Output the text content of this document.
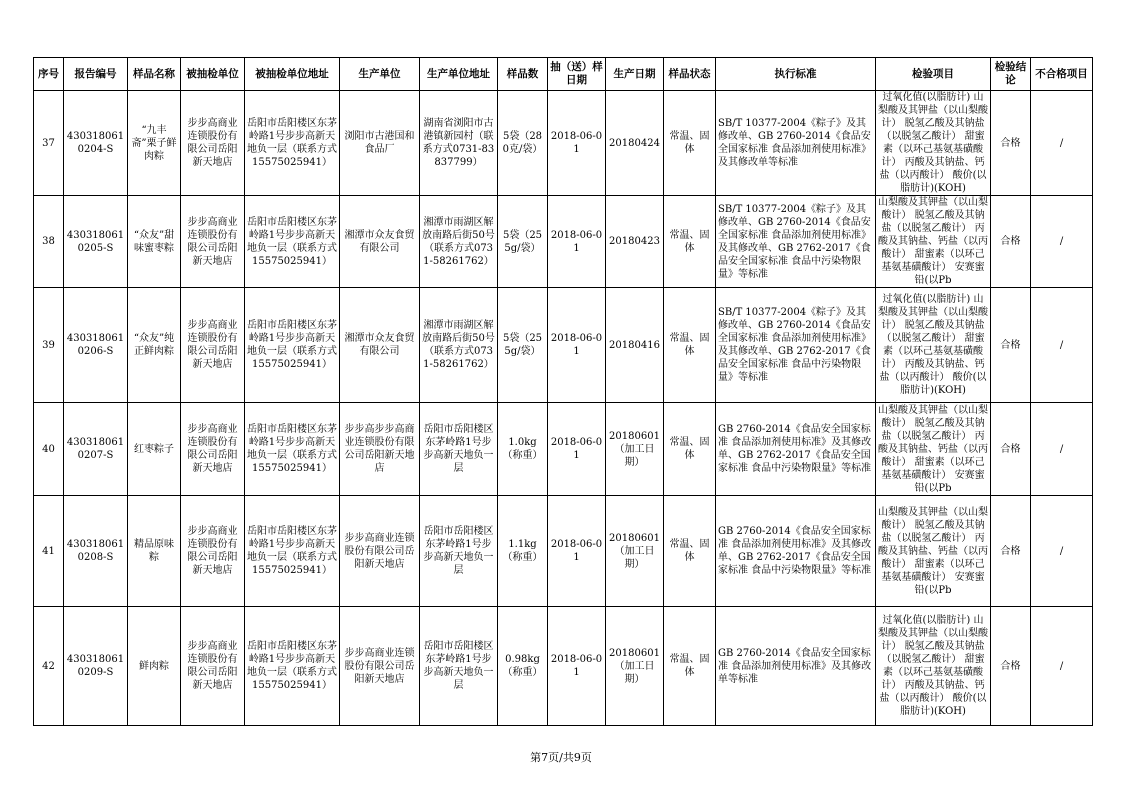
序号	报告编号	样品名称	被抽检单位	被抽检单位地址	生产单位	生产单位地址	样品数	抽（送）样日期	生产日期	样品状态	执行标准	检验项目	检验结论	不合格项目
37	4303180610204-S	“九丰斋”栗子鲜肉粽	步步高商业连锁股份有限公司岳阳新天地店	岳阳市岳阳楼区东茅岭路1号步步高新天地负一层（联系方式15575025941）	浏阳市古港国和食品厂	湖南省浏阳市古港镇新园村（联系方式0731-83837799）	5袋（280克/袋）	2018-06-01	20180424	常温、固体	SB/T 10377-2004《粽子》及其修改单、GB 2760-2014《食品安全国家标准 食品添加剂使用标准》及其修改单等标准	过氧化值(以脂肪计) 山梨酸及其钾盐（以山梨酸计） 脱氢乙酸及其钠盐（以脱氢乙酸计） 甜蜜素（以环己基氨基磺酸计） 丙酸及其钠盐、钙盐（以丙酸计） 酸价(以脂肪计)(KOH)	合格	/
38	4303180610205-S	“众友”甜味蜜枣粽	步步高商业连锁股份有限公司岳阳新天地店	岳阳市岳阳楼区东茅岭路1号步步高新天地负一层（联系方式15575025941）	湘潭市众友食贸有限公司	湘潭市雨湖区解放南路后街50号（联系方式0731-58261762）	5袋（255g/袋）	2018-06-01	20180423	常温、固体	SB/T 10377-2004《粽子》及其修改单、GB 2760-2014《食品安全国家标准 食品添加剂使用标准》及其修改单、GB 2762-2017《食品安全国家标准 食品中污染物限量》等标准	山梨酸及其钾盐（以山梨酸计） 脱氢乙酸及其钠盐（以脱氢乙酸计） 丙酸及其钠盐、钙盐（以丙酸计） 甜蜜素（以环己基氨基磺酸计） 安赛蜜 铅(以Pb	合格	/
39	4303180610206-S	“众友”纯正鲜肉粽	步步高商业连锁股份有限公司岳阳新天地店	岳阳市岳阳楼区东茅岭路1号步步高新天地负一层（联系方式15575025941）	湘潭市众友食贸有限公司	湘潭市雨湖区解放南路后街50号（联系方式0731-58261762）	5袋（255g/袋）	2018-06-01	20180416	常温、固体	SB/T 10377-2004《粽子》及其修改单、GB 2760-2014《食品安全国家标准 食品添加剂使用标准》及其修改单、GB 2762-2017《食品安全国家标准 食品中污染物限量》等标准	过氧化值(以脂肪计) 山梨酸及其钾盐（以山梨酸计） 脱氢乙酸及其钠盐（以脱氢乙酸计） 甜蜜素（以环己基氨基磺酸计） 丙酸及其钠盐、钙盐（以丙酸计） 酸价(以脂肪计)(KOH)	合格	/
40	4303180610207-S	红枣粽子	步步高商业连锁股份有限公司岳阳新天地店	岳阳市岳阳楼区东茅岭路1号步步高新天地负一层（联系方式15575025941）	步步高步步高商业连锁股份有限公司岳阳新天地店	岳阳市岳阳楼区东茅岭路1号步步高新天地负一层	1.0kg（称重）	2018-06-01	20180601（加工日期）	常温、固体	GB 2760-2014《食品安全国家标准 食品添加剂使用标准》及其修改单、GB 2762-2017《食品安全国家标准 食品中污染物限量》等标准	山梨酸及其钾盐（以山梨酸计） 脱氢乙酸及其钠盐（以脱氢乙酸计） 丙酸及其钠盐、钙盐（以丙酸计） 甜蜜素（以环己基氨基磺酸计） 安赛蜜 铅(以Pb	合格	/
41	4303180610208-S	精品原味粽	步步高商业连锁股份有限公司岳阳新天地店	岳阳市岳阳楼区东茅岭路1号步步高新天地负一层（联系方式15575025941）	步步高商业连锁股份有限公司岳阳新天地店	岳阳市岳阳楼区东茅岭路1号步步高新天地负一层	1.1kg（称重）	2018-06-01	20180601（加工日期）	常温、固体	GB 2760-2014《食品安全国家标准 食品添加剂使用标准》及其修改单、GB 2762-2017《食品安全国家标准 食品中污染物限量》等标准	山梨酸及其钾盐（以山梨酸计） 脱氢乙酸及其钠盐（以脱氢乙酸计） 丙酸及其钠盐、钙盐（以丙酸计） 甜蜜素（以环己基氨基磺酸计） 安赛蜜 铅(以Pb	合格	/
42	4303180610209-S	鲜肉粽	步步高商业连锁股份有限公司岳阳新天地店	岳阳市岳阳楼区东茅岭路1号步步高新天地负一层（联系方式15575025941）	步步高商业连锁股份有限公司岳阳新天地店	岳阳市岳阳楼区东茅岭路1号步步高新天地负一层	0.98kg（称重）	2018-06-01	20180601（加工日期）	常温、固体	GB 2760-2014《食品安全国家标准 食品添加剂使用标准》及其修改单等标准	过氧化值(以脂肪计) 山梨酸及其钾盐（以山梨酸计） 脱氢乙酸及其钠盐（以脱氢乙酸计） 甜蜜素（以环己基氨基磺酸计） 丙酸及其钠盐、钙盐（以丙酸计） 酸价(以脂肪计)(KOH)	合格	/
第7页/共9页
